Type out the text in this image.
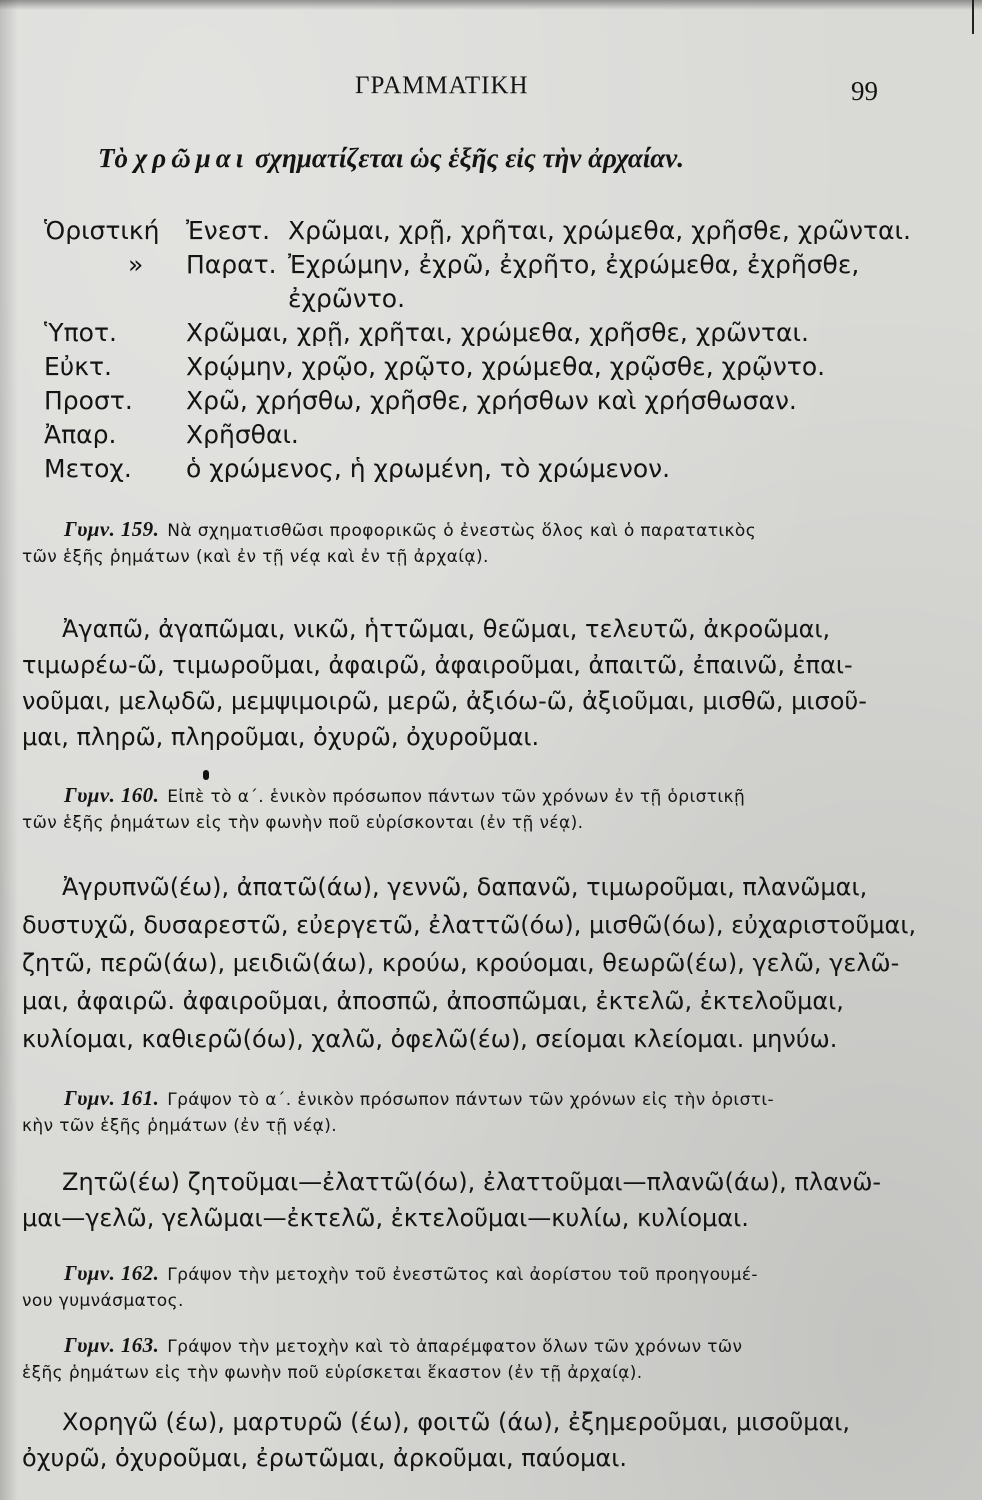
ΓΡΑΜΜΑΤΙΚΗ	99
Τὸ χρῶμαι σχηματίζεται ὡς ἑξῆς εἰς τὴν ἀρχαίαν.
Ὁριστική	Ἐνεστ. Χρῶμαι, χρῇ, χρῆται, χρώμεθα, χρῆσθε, χρῶνται.
»	Παρατ. Ἐχρώμην, ἐχρῶ, ἐχρῆτο, ἐχρώμεθα, ἐχρῆσθε,
ἐχρῶντο.
Ὑποτ.	Χρῶμαι, χρῇ, χρῆται, χρώμεθα, χρῆσθε, χρῶνται.
Εὐκτ.	Χρῴμην, χρῷο, χρῷτο, χρώμεθα, χρῷσθε, χρῷντο.
Προστ.	Χρῶ, χρήσθω, χρῆσθε, χρήσθων καὶ χρήσθωσαν.
Ἀπαρ.	Χρῆσθαι.
Μετοχ.	ὁ χρώμενος, ἡ χρωμένη, τὸ χρώμενον.
Γυμν. 159. Νὰ σχηματισθῶσι προφορικῶς ὁ ἐνεστὼς ὅλος καὶ ὁ παρατατικὸς
τῶν ἑξῆς ῥημάτων (καὶ ἐν τῇ νέᾳ καὶ ἐν τῇ ἀρχαίᾳ).
Ἀγαπῶ, ἀγαπῶμαι, νικῶ, ἡττῶμαι, θεῶμαι, τελευτῶ, ἀκροῶμαι,
τιμωρέω-ῶ, τιμωροῦμαι, ἀφαιρῶ, ἀφαιροῦμαι, ἀπαιτῶ, ἐπαινῶ, ἐπαι-
νοῦμαι, μελῳδῶ, μεμψιμοιρῶ, μερῶ, ἀξιόω-ῶ, ἀξιοῦμαι, μισθῶ, μισοῦ-
μαι, πληρῶ, πληροῦμαι, ὀχυρῶ, ὀχυροῦμαι.
Γυμν. 160. Εἰπὲ τὸ α΄. ἑνικὸν πρόσωπον πάντων τῶν χρόνων ἐν τῇ ὁριστικῇ
τῶν ἑξῆς ῥημάτων εἰς τὴν φωνὴν ποῦ εὑρίσκονται (ἐν τῇ νέᾳ).
Ἀγρυπνῶ(έω), ἀπατῶ(άω), γεννῶ, δαπανῶ, τιμωροῦμαι, πλανῶμαι,
δυστυχῶ, δυσαρεστῶ, εὐεργετῶ, ἐλαττῶ(όω), μισθῶ(όω), εὐχαριστοῦμαι,
ζητῶ, περῶ(άω), μειδιῶ(άω), κρούω, κρούομαι, θεωρῶ(έω), γελῶ, γελῶ-
μαι, ἀφαιρῶ. ἀφαιροῦμαι, ἀποσπῶ, ἀποσπῶμαι, ἐκτελῶ, ἐκτελοῦμαι,
κυλίομαι, καθιερῶ(όω), χαλῶ, ὀφελῶ(έω), σείομαι κλείομαι. μηνύω.
Γυμν. 161. Γράψον τὸ α΄. ἑνικὸν πρόσωπον πάντων τῶν χρόνων εἰς τὴν ὁριστι-
κὴν τῶν ἑξῆς ῥημάτων (ἐν τῇ νέᾳ).
Ζητῶ(έω) ζητοῦμαι—ἐλαττῶ(όω), ἐλαττοῦμαι—πλανῶ(άω), πλανῶ-
μαι—γελῶ, γελῶμαι—ἐκτελῶ, ἐκτελοῦμαι—κυλίω, κυλίομαι.
Γυμν. 162. Γράψον τὴν μετοχὴν τοῦ ἐνεστῶτος καὶ ἀορίστου τοῦ προηγουμέ-
νου γυμνάσματος.
Γυμν. 163. Γράψον τὴν μετοχὴν καὶ τὸ ἀπαρέμφατον ὅλων τῶν χρόνων τῶν
ἑξῆς ῥημάτων εἰς τὴν φωνὴν ποῦ εὑρίσκεται ἕκαστον (ἐν τῇ ἀρχαίᾳ).
Χορηγῶ (έω), μαρτυρῶ (έω), φοιτῶ (άω), ἐξημεροῦμαι, μισοῦμαι,
ὀχυρῶ, ὀχυροῦμαι, ἐρωτῶμαι, ἀρκοῦμαι, παύομαι.
